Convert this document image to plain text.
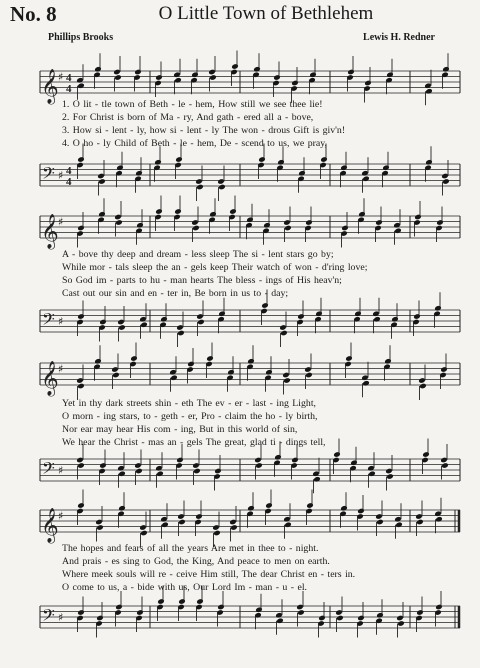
No. 8	O Little Town of Bethlehem
Phillips Brooks	Lewis H. Redner
𝄞 ♯ 4
4
1. O lit - tle town of Beth - le - hem, How still we see thee lie!
2. For Christ is born of Ma - ry, And gath - ered all a - bove,
3. How si - lent - ly, how si - lent - ly The won - drous Gift is giv'n!
4. O ho - ly Child of Beth - le - hem, De - scend to us, we pray,
𝄢 ♯ 4
4
𝄞 ♯
A - bove thy deep and dream - less sleep The si - lent stars go by;
While mor - tals sleep the an - gels keep Their watch of won - d'ring love;
So God im - parts to hu - man hearts The bless - ings of His heav'n;
Cast out our sin and en - ter in, Be born in us to - day;
𝄢 ♯
𝄞 ♯
Yet in thy dark streets shin - eth The ev - er - last - ing Light,
O morn - ing stars, to - geth - er, Pro - claim the ho - ly birth,
Nor ear may hear His com - ing, But in this world of sin,
We hear the Christ - mas an - gels The great, glad ti - dings tell,
𝄢 ♯
𝄞 ♯
The hopes and fears of all the years Are met in thee to - night.
And prais - es sing to God, the King, And peace to men on earth.
Where meek souls will re - ceive Him still, The dear Christ en - ters in.
O come to us, a - bide with us, Our Lord Im - man - u - el.
𝄢 ♯
